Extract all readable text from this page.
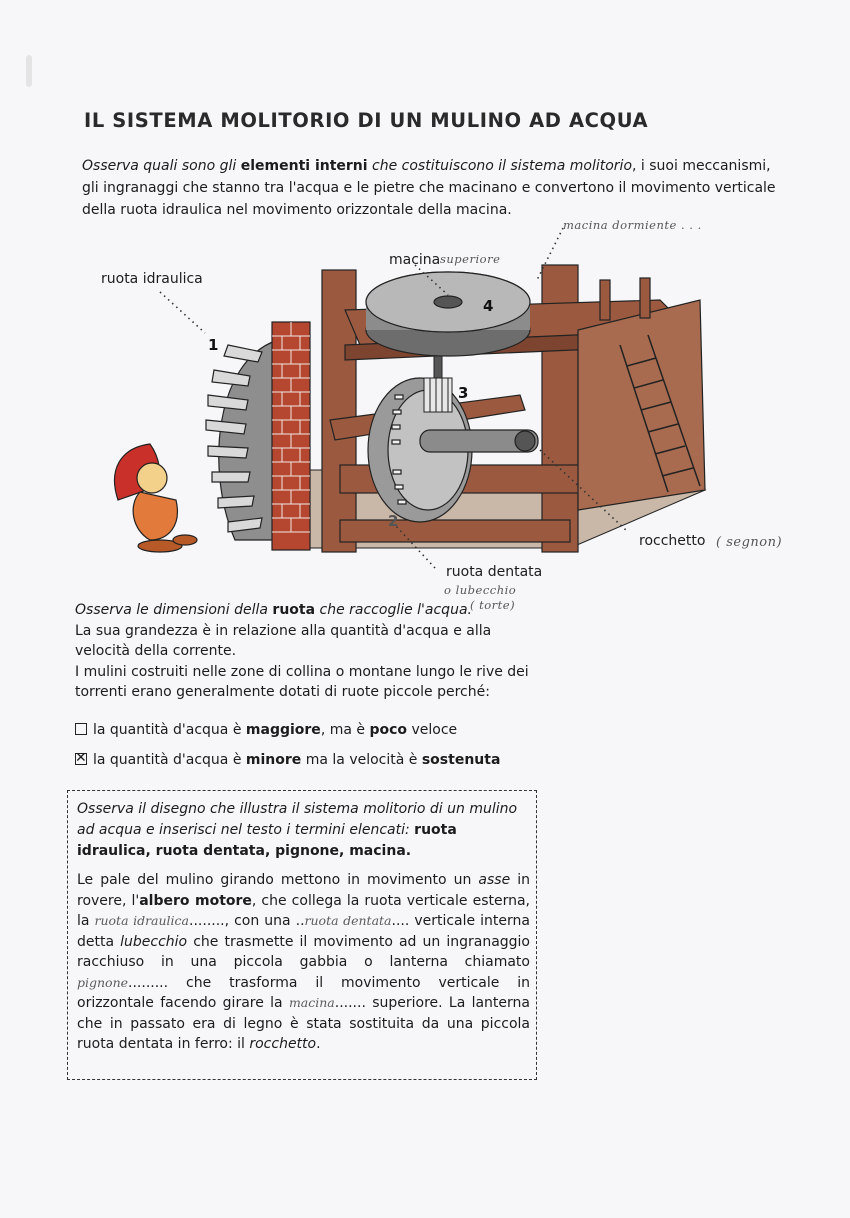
IL SISTEMA MOLITORIO DI UN MULINO AD ACQUA

Osserva quali sono gli elementi interni che costituiscono il sistema molitorio, i suoi meccanismi, gli ingranaggi che stanno tra l'acqua e le pietre che macinano e convertono il movimento verticale della ruota idraulica nel movimento orizzontale della macina.

ruota idraulica
1
macina superiore
macina dormiente . . .
4
3
2
rocchetto ( segnon)
ruota dentata
o lubecchio
( torte)

Osserva le dimensioni della ruota che raccoglie l'acqua.
La sua grandezza è in relazione alla quantità d'acqua e alla velocità della corrente.
I mulini costruiti nelle zone di collina o montane lungo le rive dei torrenti erano generalmente dotati di ruote piccole perché:

la quantità d'acqua è maggiore, ma è poco veloce
✕ la quantità d'acqua è minore ma la velocità è sostenuta

Osserva il disegno che illustra il sistema molitorio di un mulino ad acqua e inserisci nel testo i termini elencati: ruota idraulica, ruota dentata, pignone, macina.

Le pale del mulino girando mettono in movimento un asse in rovere, l'albero motore, che collega la ruota verticale esterna, la ruota idraulica........, con una ..ruota dentata.... verticale interna detta lubecchio che trasmette il movimento ad un ingranaggio racchiuso in una piccola gabbia o lanterna chiamato pignone......... che trasforma il movimento verticale in orizzontale facendo girare la macina....... superiore. La lanterna che in passato era di legno è stata sostituita da una piccola ruota dentata in ferro: il rocchetto.
